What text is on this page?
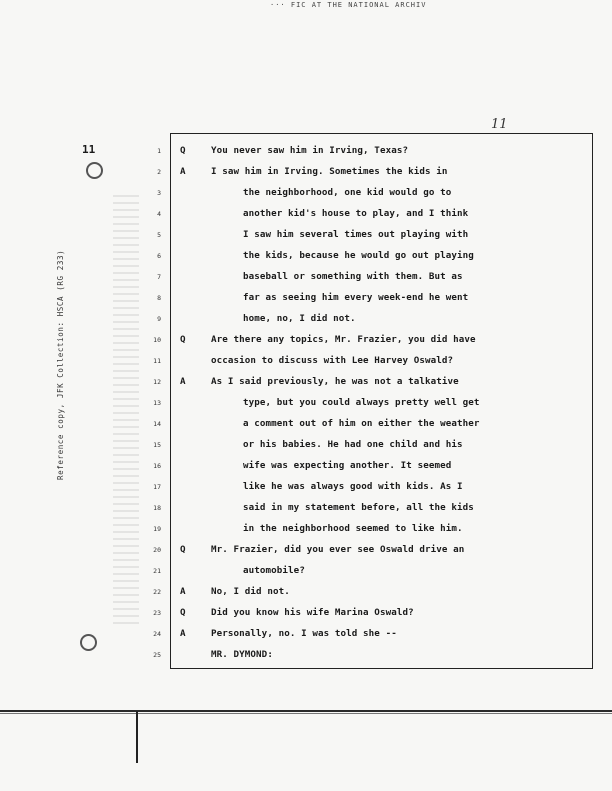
··· FIC AT THE NATIONAL ARCHIV
11
11
Reference copy, JFK Collection: HSCA (RG 233)
1 Q	You never saw him in Irving, Texas?
2 A	I saw him in Irving. Sometimes the kids in
3	the neighborhood, one kid would go to
4	another kid's house to play, and I think
5	I saw him several times out playing with
6	the kids, because he would go out playing
7	baseball or something with them. But as
8	far as seeing him every week-end he went
9	home, no, I did not.
10 Q	Are there any topics, Mr. Frazier, you did have
11	occasion to discuss with Lee Harvey Oswald?
12 A	As I said previously, he was not a talkative
13	type, but you could always pretty well get
14	a comment out of him on either the weather
15	or his babies. He had one child and his
16	wife was expecting another. It seemed
17	like he was always good with kids. As I
18	said in my statement before, all the kids
19	in the neighborhood seemed to like him.
20 Q	Mr. Frazier, did you ever see Oswald drive an
21	automobile?
22 A	No, I did not.
23 Q	Did you know his wife Marina Oswald?
24 A	Personally, no. I was told she --
25	MR. DYMOND:
